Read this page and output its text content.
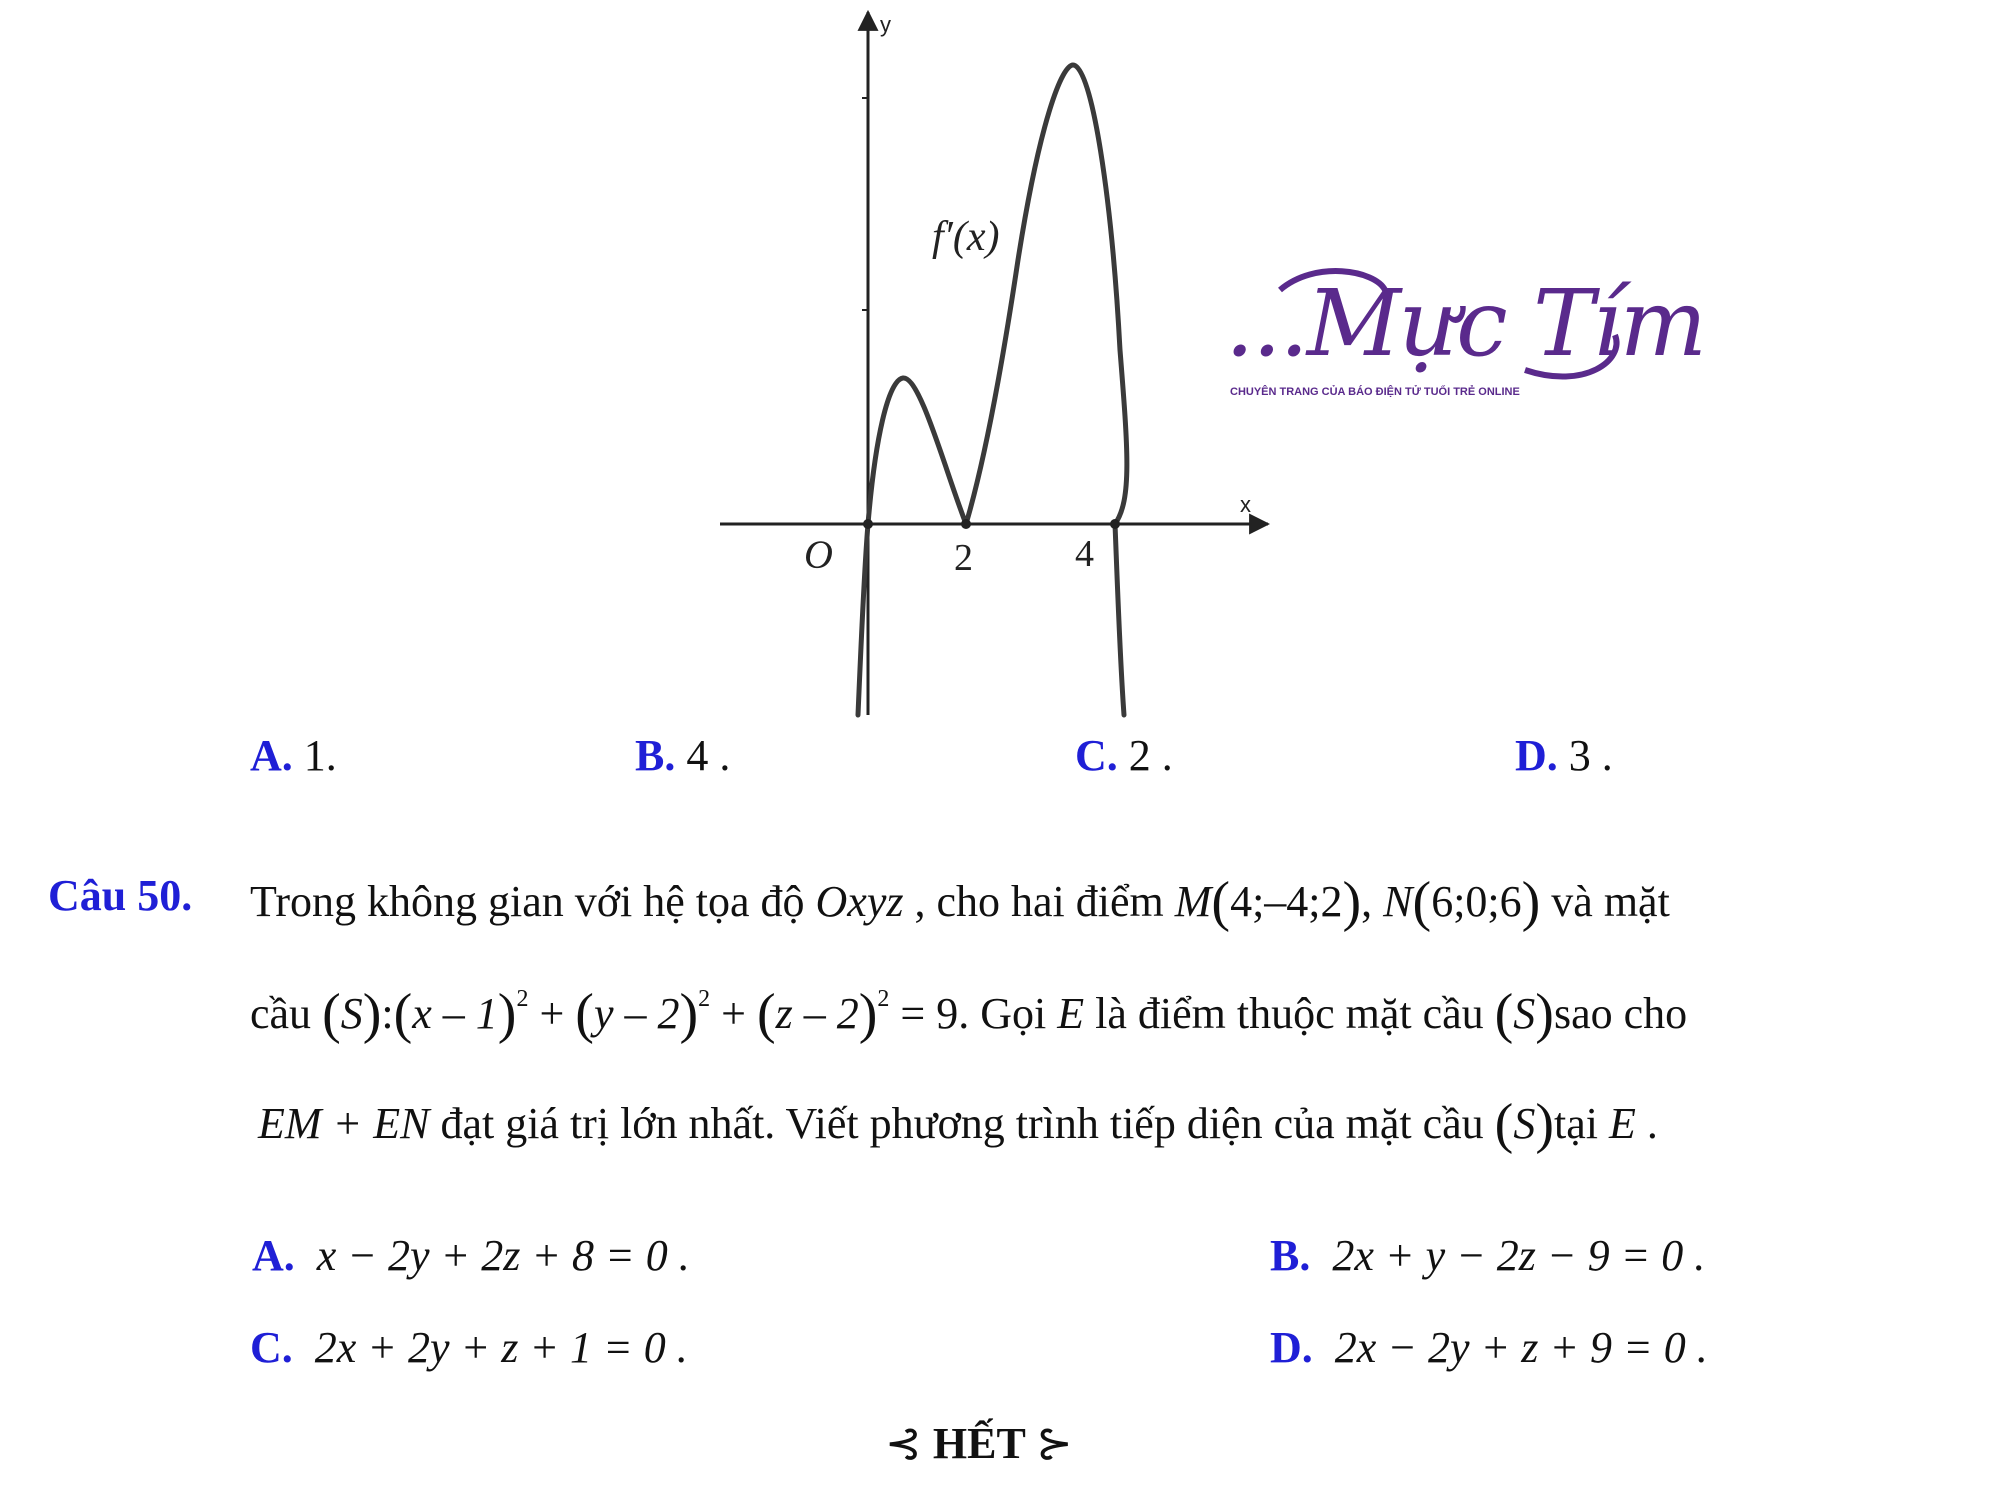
y
x
O	2	4
f′(x)
...Mực Tím
CHUYÊN TRANG CỦA BÁO ĐIỆN TỬ TUỔI TRẺ ONLINE
A. 1.	B. 4 .	C. 2 .	D. 3 .
Câu 50. Trong không gian với hệ tọa độ Oxyz , cho hai điểm M(4;–4;2), N(6;0;6) và mặt
cầu (S):(x – 1)$^2$ + (y – 2)$^2$ + (z – 2)$^2$ = 9. Gọi E là điểm thuộc mặt cầu (S)sao cho
EM + EN đạt giá trị lớn nhất. Viết phương trình tiếp diện của mặt cầu (S)tại E .
A. x − 2y + 2z + 8 = 0 .	B. 2x + y − 2z − 9 = 0 .
C. 2x + 2y + z + 1 = 0 .	D. 2x − 2y + z + 9 = 0 .
⊰ HẾT ⊱
